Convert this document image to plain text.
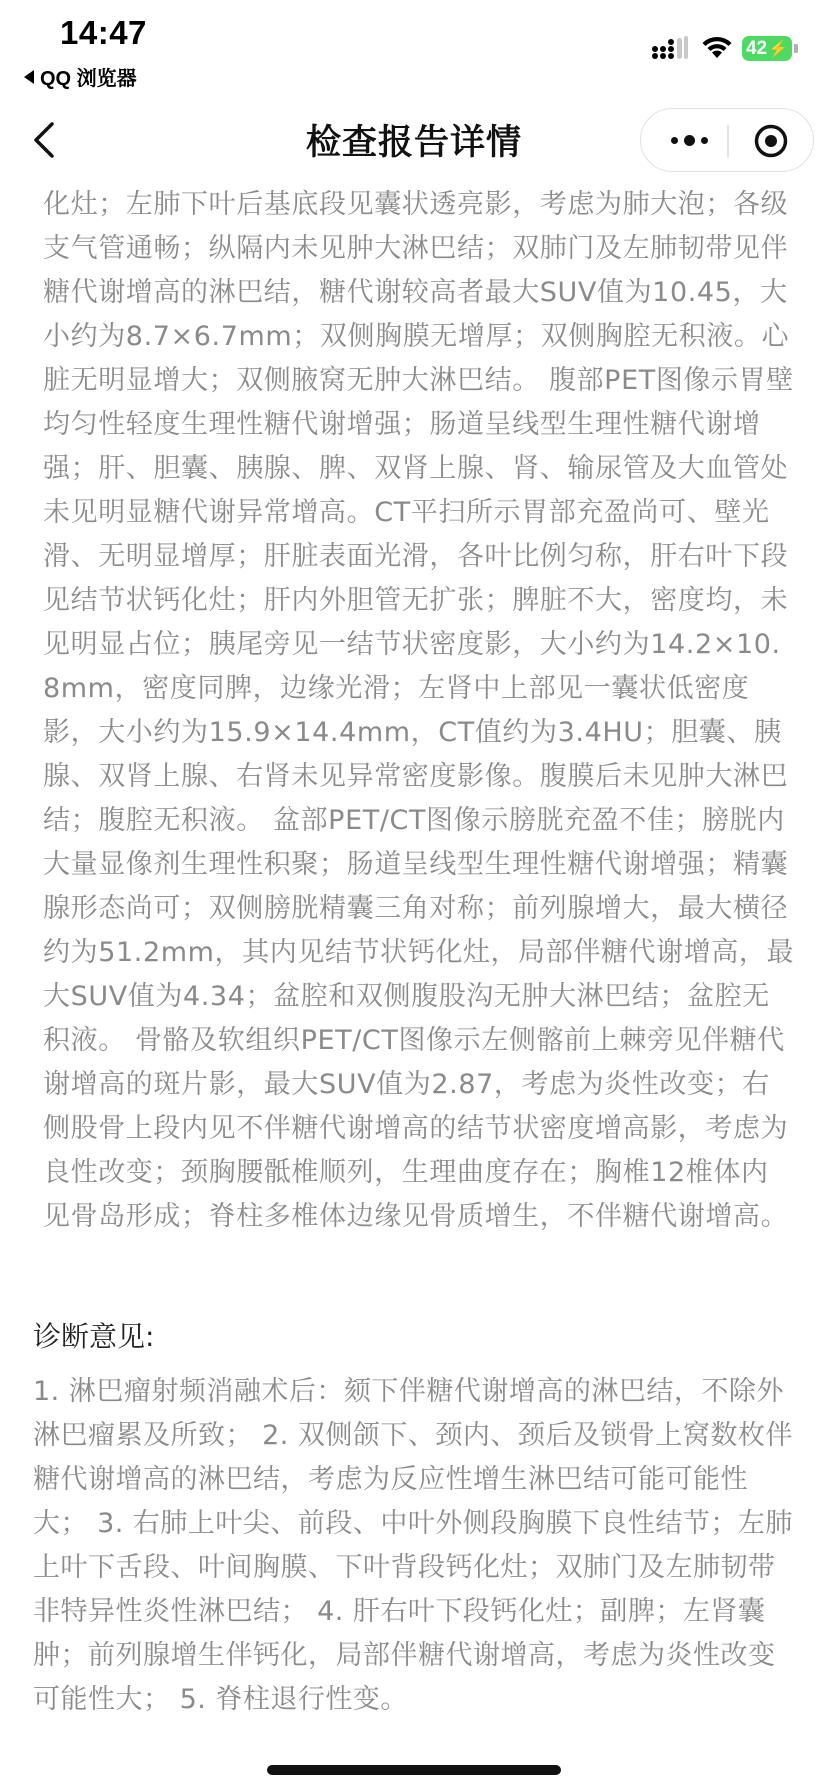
14:47
QQ 浏览器
42 ⚡
检查报告详情

化灶；左肺下叶后基底段见囊状透亮影，考虑为肺大泡；各级支气管通畅；纵隔内未见肿大淋巴结；双肺门及左肺韧带见伴糖代谢增高的淋巴结，糖代谢较高者最大SUV值为10.45，大小约为8.7×6.7mm；双侧胸膜无增厚；双侧胸腔无积液。心脏无明显增大；双侧腋窝无肿大淋巴结。 腹部PET图像示胃壁均匀性轻度生理性糖代谢增强；肠道呈线型生理性糖代谢增强；肝、胆囊、胰腺、脾、双肾上腺、肾、输尿管及大血管处未见明显糖代谢异常增高。CT平扫所示胃部充盈尚可、壁光滑、无明显增厚；肝脏表面光滑，各叶比例匀称，肝右叶下段见结节状钙化灶；肝内外胆管无扩张；脾脏不大，密度均，未见明显占位；胰尾旁见一结节状密度影，大小约为14.2×10.8mm，密度同脾，边缘光滑；左肾中上部见一囊状低密度影，大小约为15.9×14.4mm，CT值约为3.4HU；胆囊、胰腺、双肾上腺、右肾未见异常密度影像。腹膜后未见肿大淋巴结；腹腔无积液。 盆部PET/CT图像示膀胱充盈不佳；膀胱内大量显像剂生理性积聚；肠道呈线型生理性糖代谢增强；精囊腺形态尚可；双侧膀胱精囊三角对称；前列腺增大，最大横径约为51.2mm，其内见结节状钙化灶，局部伴糖代谢增高，最大SUV值为4.34；盆腔和双侧腹股沟无肿大淋巴结；盆腔无积液。 骨骼及软组织PET/CT图像示左侧髂前上棘旁见伴糖代谢增高的斑片影，最大SUV值为2.87，考虑为炎性改变；右侧股骨上段内见不伴糖代谢增高的结节状密度增高影，考虑为良性改变；颈胸腰骶椎顺列，生理曲度存在；胸椎12椎体内见骨岛形成；脊柱多椎体边缘见骨质增生，不伴糖代谢增高。

诊断意见:

1. 淋巴瘤射频消融术后：颏下伴糖代谢增高的淋巴结，不除外淋巴瘤累及所致； 2. 双侧颌下、颈内、颈后及锁骨上窝数枚伴糖代谢增高的淋巴结，考虑为反应性增生淋巴结可能可能性大； 3. 右肺上叶尖、前段、中叶外侧段胸膜下良性结节；左肺上叶下舌段、叶间胸膜、下叶背段钙化灶；双肺门及左肺韧带非特异性炎性淋巴结； 4. 肝右叶下段钙化灶；副脾；左肾囊肿；前列腺增生伴钙化，局部伴糖代谢增高，考虑为炎性改变可能性大； 5. 脊柱退行性变。
